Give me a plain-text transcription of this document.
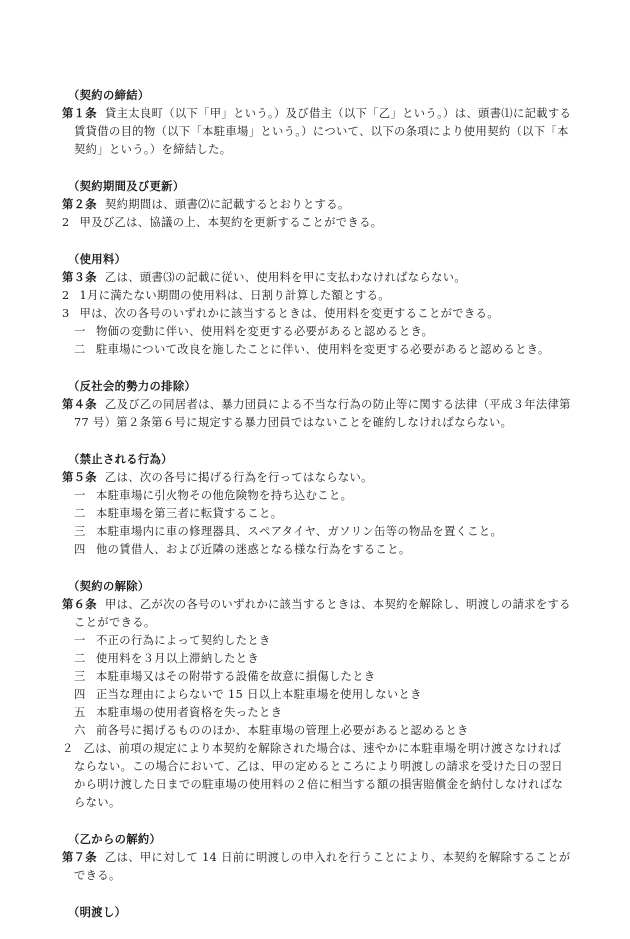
（契約の締結）

第１条 貸主太良町（以下「甲」という。）及び借主（以下「乙」という。）は、頭書⑴に記載する賃貸借の目的物（以下「本駐車場」という。）について、以下の条項により使用契約（以下「本契約」という。）を締結した。

（契約期間及び更新）

第２条 契約期間は、頭書⑵に記載するとおりとする。

2 甲及び乙は、協議の上、本契約を更新することができる。

（使用料）

第３条 乙は、頭書⑶の記載に従い、使用料を甲に支払わなければならない。

2 1月に満たない期間の使用料は、日割り計算した額とする。

3 甲は、次の各号のいずれかに該当するときは、使用料を変更することができる。

一 物価の変動に伴い、使用料を変更する必要があると認めるとき。
二 駐車場について改良を施したことに伴い、使用料を変更する必要があると認めるとき。
（反社会的勢力の排除）

第４条 乙及び乙の同居者は、暴力団員による不当な行為の防止等に関する法律（平成３年法律第 77 号）第２条第６号に規定する暴力団員ではないことを確約しなければならない。

（禁止される行為）

第５条 乙は、次の各号に掲げる行為を行ってはならない。

一 本駐車場に引火物その他危険物を持ち込むこと。
二 本駐車場を第三者に転貸すること。
三 本駐車場内に車の修理器具、スペアタイヤ、ガソリン缶等の物品を置くこと。
四 他の賃借人、および近隣の迷惑となる様な行為をすること。
（契約の解除）

第６条 甲は、乙が次の各号のいずれかに該当するときは、本契約を解除し、明渡しの請求をすることができる。

一 不正の行為によって契約したとき
二 使用料を３月以上滞納したとき
三 本駐車場又はその附帯する設備を故意に損傷したとき
四 正当な理由によらないで 15 日以上本駐車場を使用しないとき
五 本駐車場の使用者資格を失ったとき
六 前各号に掲げるもののほか、本駐車場の管理上必要があると認めるとき

２ 乙は、前項の規定により本契約を解除された場合は、速やかに本駐車場を明け渡さなければならない。この場合において、乙は、甲の定めるところにより明渡しの請求を受けた日の翌日から明け渡した日までの駐車場の使用料の２倍に相当する額の損害賠償金を納付しなければならない。

（乙からの解約）

第７条 乙は、甲に対して 14 日前に明渡しの申入れを行うことにより、本契約を解除することができる。

（明渡し）
